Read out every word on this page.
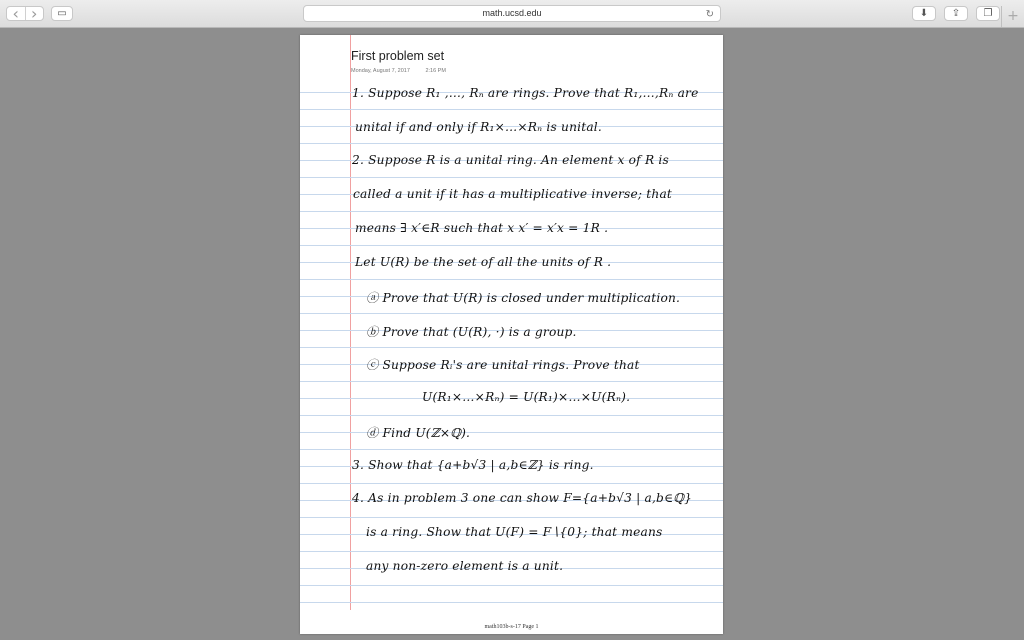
‹ ›	▭	math.ucsd.edu	↻	⬇ ⇪ ❐	+
First problem set
Monday, August 7, 2017	2:16 PM
1. Suppose R₁ ,…, Rₙ are rings. Prove that R₁,…,Rₙ are
unital if and only if R₁×…×Rₙ is unital.
2. Suppose R is a unital ring. An element x of R is
called a unit if it has a multiplicative inverse; that
means ∃ x′∈R such that x x′ = x′x = 1R .
Let U(R) be the set of all the units of R .
ⓐ Prove that U(R) is closed under multiplication.
ⓑ Prove that (U(R), ·) is a group.
ⓒ Suppose Rᵢ's are unital rings. Prove that
U(R₁×…×Rₙ) = U(R₁)×…×U(Rₙ).
ⓓ Find U(ℤ×ℚ).
3. Show that {a+b√3 | a,b∈ℤ} is ring.
4. As in problem 3 one can show F={a+b√3 | a,b∈ℚ}
is a ring. Show that U(F) = F∖{0}; that means
any non-zero element is a unit.
math103b-s-17 Page 1
